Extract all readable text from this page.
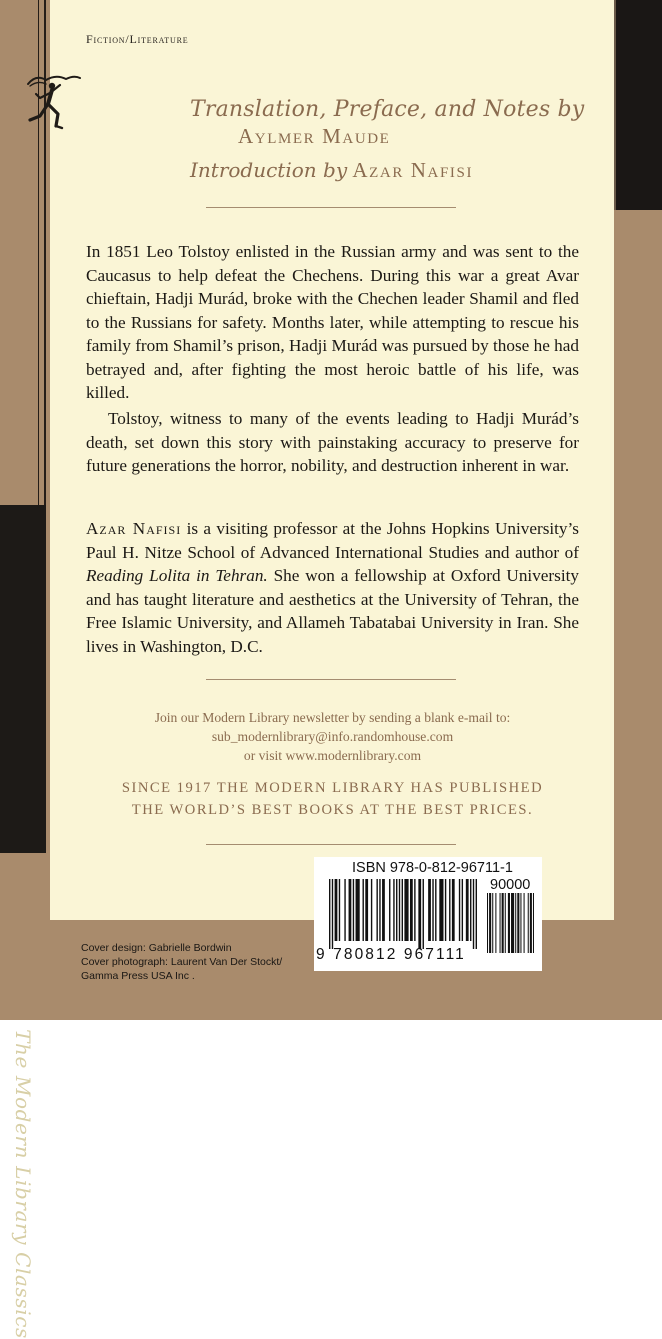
The Modern Library Classics
Fiction/Literature
Translation, Preface, and Notes by
Aylmer Maude
Introduction by Azar Nafisi

In 1851 Leo Tolstoy enlisted in the Russian army and was sent to the Caucasus to help defeat the Chechens. During this war a great Avar chieftain, Hadji Murád, broke with the Chechen leader Shamil and fled to the Russians for safety. Months later, while attempting to rescue his family from Shamil’s prison, Hadji Murád was pursued by those he had betrayed and, after fighting the most heroic battle of his life, was killed.

Tolstoy, witness to many of the events leading to Hadji Murád’s death, set down this story with painstaking accuracy to preserve for future generations the horror, nobility, and destruction inherent in war.

Azar Nafisi is a visiting professor at the Johns Hopkins University’s Paul H. Nitze School of Advanced International Studies and author of Reading Lolita in Tehran. She won a fellowship at Oxford University and has taught literature and aesthetics at the University of Tehran, the Free Islamic University, and Allameh Tabatabai University in Iran. She lives in Washington, D.C.

Join our Modern Library newsletter by sending a blank e-mail to:
sub_modernlibrary@info.randomhouse.com
or visit www.modernlibrary.com
SINCE 1917 THE MODERN LIBRARY HAS PUBLISHED
THE WORLD’S BEST BOOKS AT THE BEST PRICES.
ISBN 978-0-812-96711-1
90000
9 780812 967111
Cover design: Gabrielle Bordwin
Cover photograph: Laurent Van Der Stockt/
Gamma Press USA Inc .
